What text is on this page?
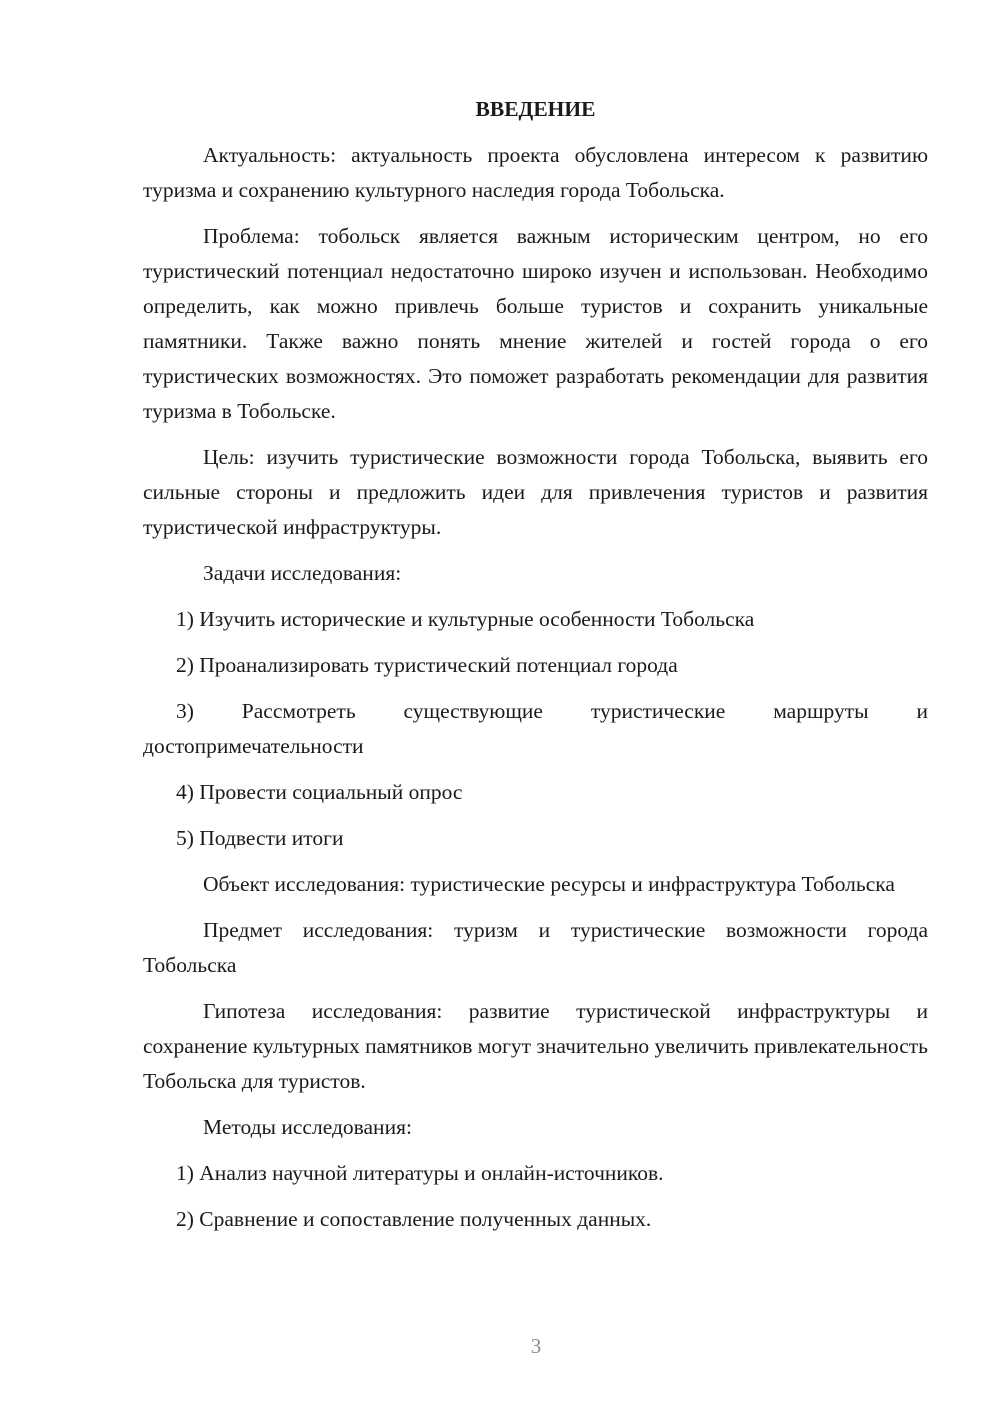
ВВЕДЕНИЕ

Актуальность: актуальность проекта обусловлена интересом к развитию туризма и сохранению культурного наследия города Тобольска.

Проблема: тобольск является важным историческим центром, но его туристический потенциал недостаточно широко изучен и использован. Необходимо определить, как можно привлечь больше туристов и сохранить уникальные памятники. Также важно понять мнение жителей и гостей города о его туристических возможностях. Это поможет разработать рекомендации для развития туризма в Тобольске.

Цель: изучить туристические возможности города Тобольска, выявить его сильные стороны и предложить идеи для привлечения туристов и развития туристической инфраструктуры.

Задачи исследования:

1) Изучить исторические и культурные особенности Тобольска

2) Проанализировать туристический потенциал города

3) Рассмотреть существующие туристические маршруты и достопримечательности

4) Провести социальный опрос

5) Подвести итоги

Объект исследования: туристические ресурсы и инфраструктура Тобольска

Предмет исследования: туризм и туристические возможности города Тобольска

Гипотеза исследования: развитие туристической инфраструктуры и сохранение культурных памятников могут значительно увеличить привлекательность Тобольска для туристов.

Методы исследования:

1) Анализ научной литературы и онлайн-источников.

2) Сравнение и сопоставление полученных данных.

3
